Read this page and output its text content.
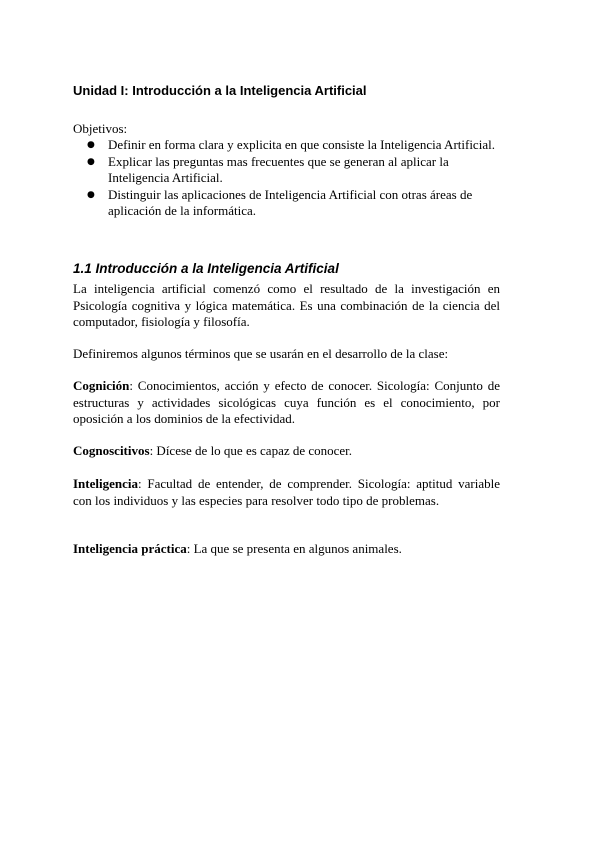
Unidad I: Introducción a la Inteligencia Artificial
Objetivos:
●	Definir en forma clara y explicita en que consiste la Inteligencia Artificial.
●	Explicar las preguntas mas frecuentes que se generan al aplicar la Inteligencia Artificial.
●	Distinguir las aplicaciones de Inteligencia Artificial con otras áreas de aplicación de la informática.
1.1 Introducción a la Inteligencia Artificial

La inteligencia artificial comenzó como el resultado de la investigación en Psicología cognitiva y lógica matemática. Es una combinación de la ciencia del computador, fisiología y filosofía.

Definiremos algunos términos que se usarán en el desarrollo de la clase:

Cognición: Conocimientos, acción y efecto de conocer. Sicología: Conjunto de estructuras y actividades sicológicas cuya función es el conocimiento, por oposición a los dominios de la efectividad.

Cognoscitivos: Dícese de lo que es capaz de conocer.

Inteligencia: Facultad de entender, de comprender. Sicología: aptitud variable con los individuos y las especies para resolver todo tipo de problemas.

Inteligencia práctica: La que se presenta en algunos animales.
